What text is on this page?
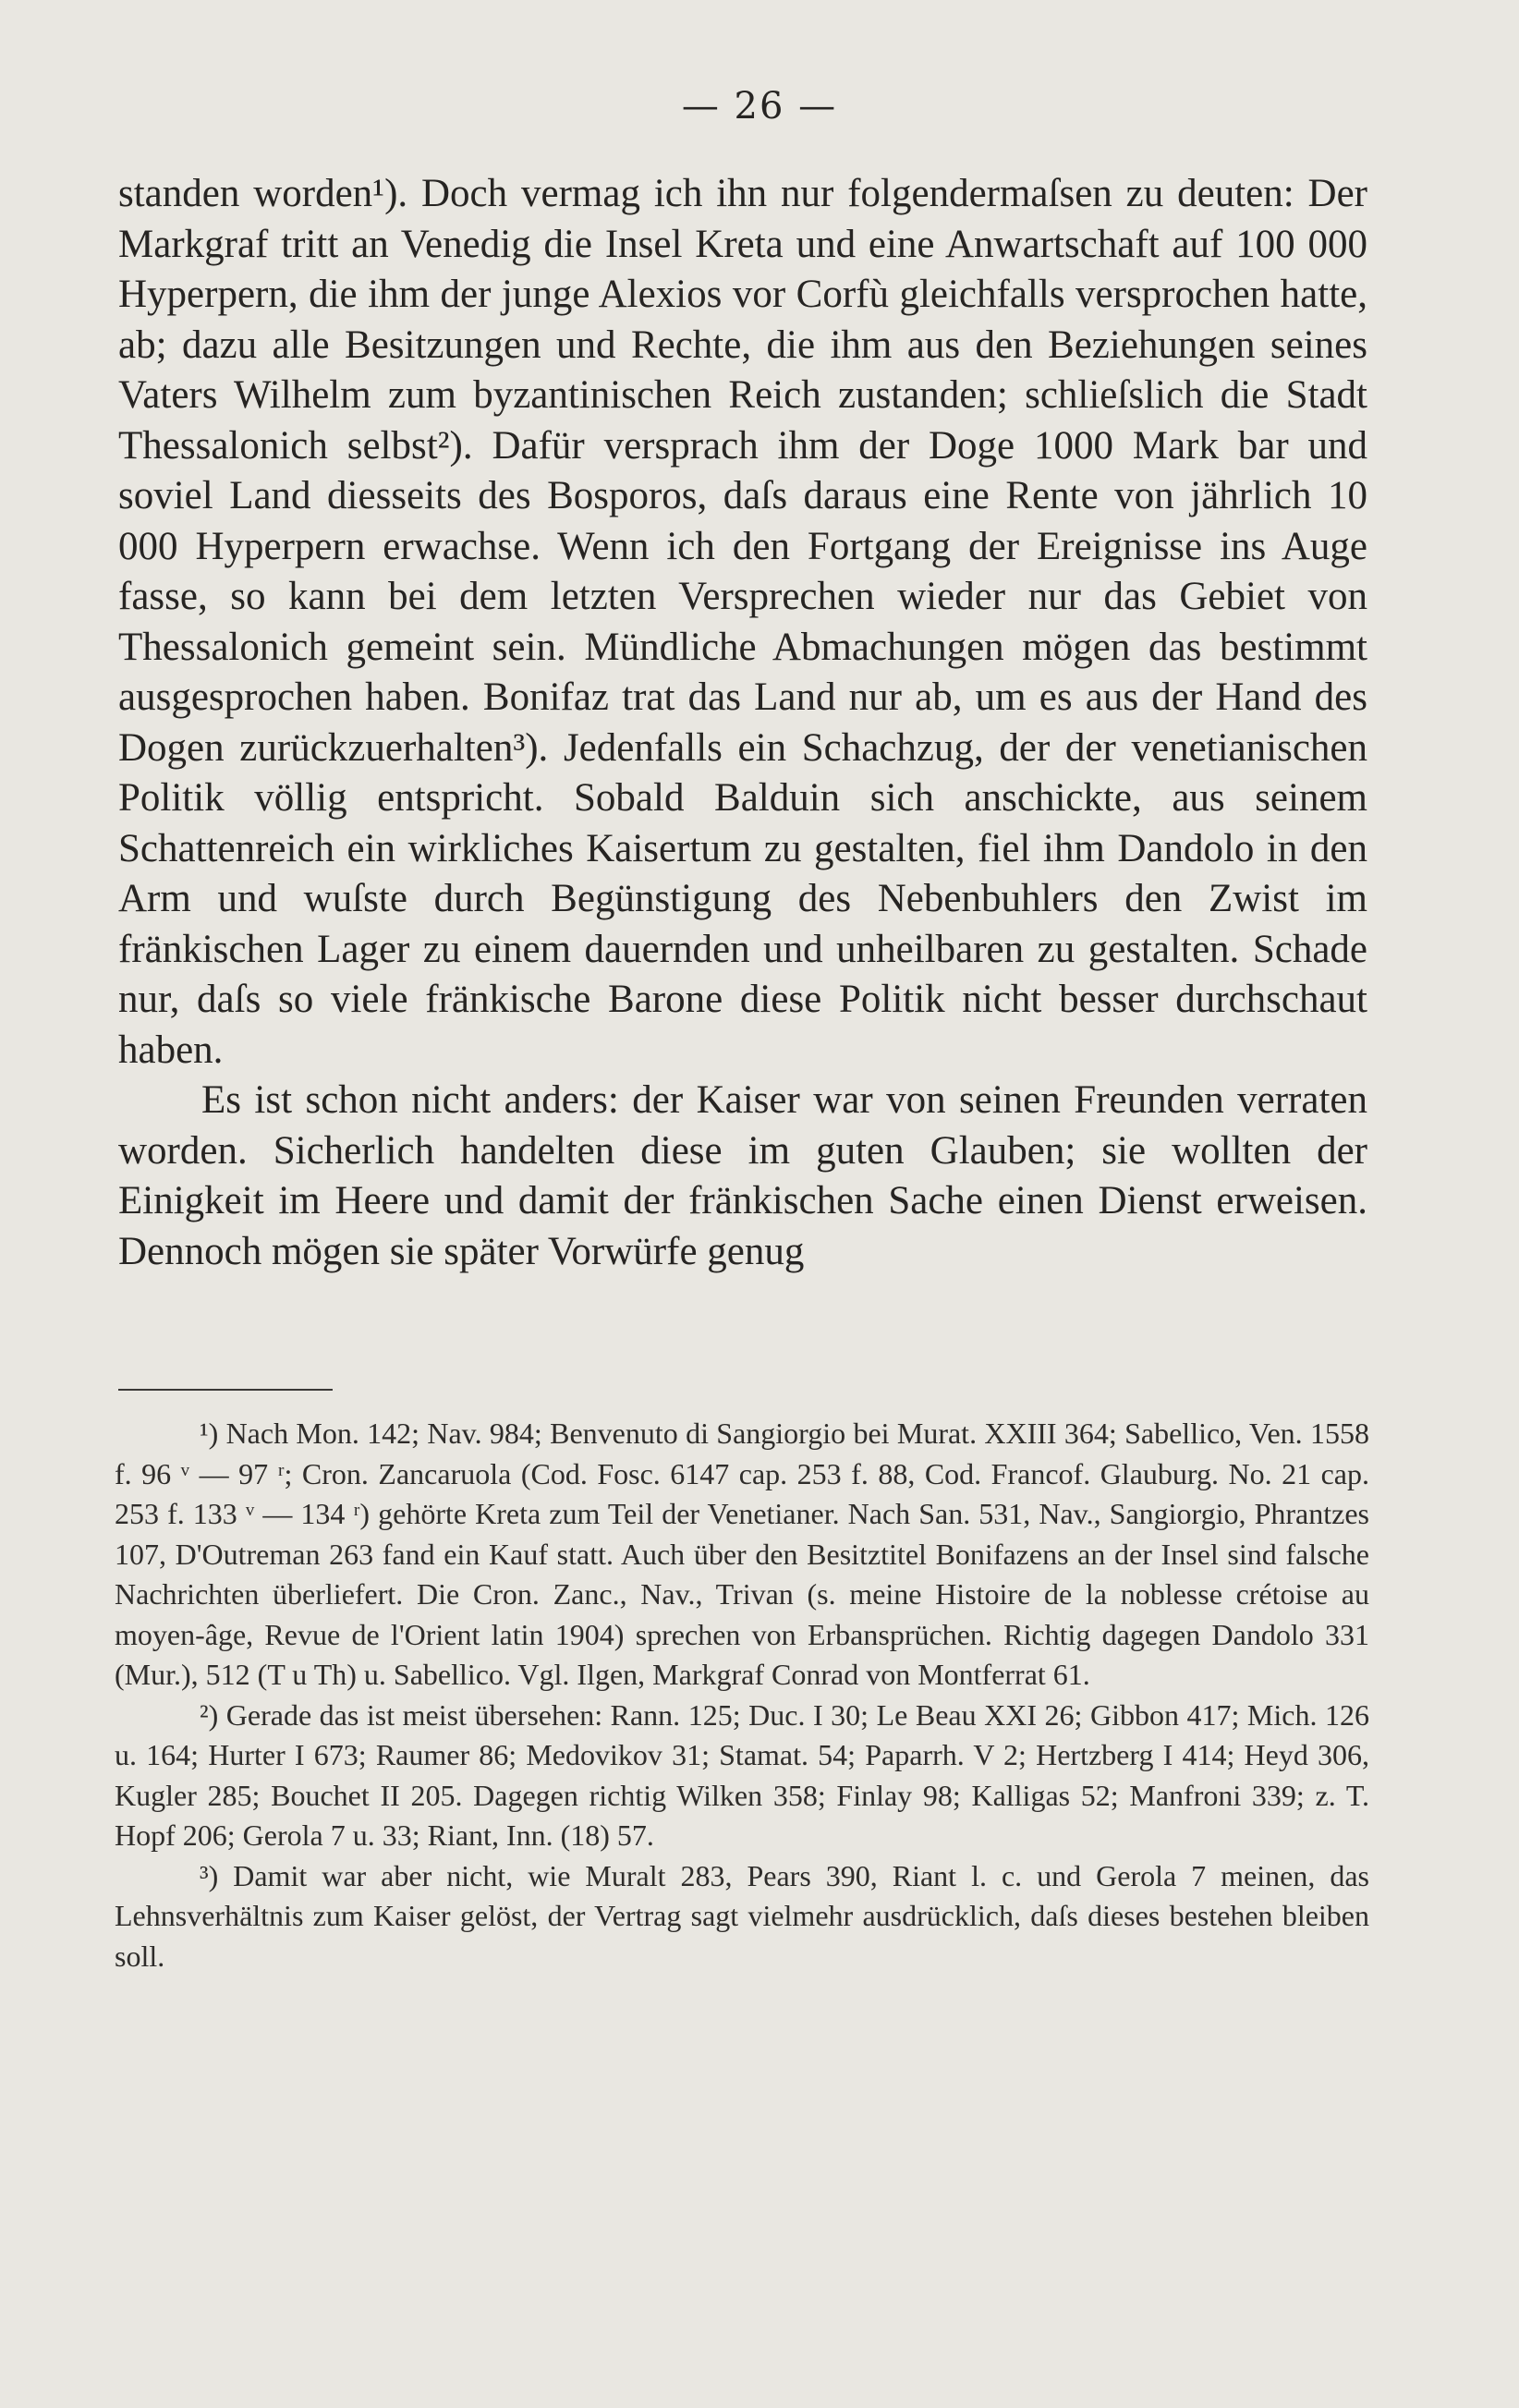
— 26 —

standen worden¹). Doch vermag ich ihn nur folgendermaſsen zu deuten: Der Markgraf tritt an Venedig die Insel Kreta und eine Anwartschaft auf 100 000 Hyperpern, die ihm der junge Alexios vor Corfù gleichfalls versprochen hatte, ab; dazu alle Besitzungen und Rechte, die ihm aus den Beziehungen seines Vaters Wilhelm zum byzantinischen Reich zustanden; schlieſslich die Stadt Thessalonich selbst²). Dafür versprach ihm der Doge 1000 Mark bar und soviel Land diesseits des Bosporos, daſs daraus eine Rente von jährlich 10 000 Hyperpern erwachse. Wenn ich den Fortgang der Ereignisse ins Auge fasse, so kann bei dem letzten Versprechen wieder nur das Gebiet von Thessalonich gemeint sein. Mündliche Abmachungen mögen das bestimmt ausgesprochen haben. Bonifaz trat das Land nur ab, um es aus der Hand des Dogen zurückzuerhalten³). Jedenfalls ein Schachzug, der der venetianischen Politik völlig entspricht. Sobald Balduin sich anschickte, aus seinem Schattenreich ein wirkliches Kaisertum zu gestalten, fiel ihm Dandolo in den Arm und wuſste durch Begünstigung des Nebenbuhlers den Zwist im fränkischen Lager zu einem dauernden und unheilbaren zu gestalten. Schade nur, daſs so viele fränkische Barone diese Politik nicht besser durchschaut haben.

Es ist schon nicht anders: der Kaiser war von seinen Freunden verraten worden. Sicherlich handelten diese im guten Glauben; sie wollten der Einigkeit im Heere und damit der fränkischen Sache einen Dienst erweisen. Dennoch mögen sie später Vorwürfe genug

¹) Nach Mon. 142; Nav. 984; Benvenuto di Sangiorgio bei Murat. XXIII 364; Sabellico, Ven. 1558 f. 96 ᵛ — 97 ʳ; Cron. Zancaruola (Cod. Fosc. 6147 cap. 253 f. 88, Cod. Francof. Glauburg. No. 21 cap. 253 f. 133 ᵛ — 134 ʳ) gehörte Kreta zum Teil der Venetianer. Nach San. 531, Nav., Sangiorgio, Phrantzes 107, D'Outreman 263 fand ein Kauf statt. Auch über den Besitztitel Bonifazens an der Insel sind falsche Nachrichten überliefert. Die Cron. Zanc., Nav., Trivan (s. meine Histoire de la noblesse crétoise au moyen-âge, Revue de l'Orient latin 1904) sprechen von Erbansprüchen. Richtig dagegen Dandolo 331 (Mur.), 512 (T u Th) u. Sabellico. Vgl. Ilgen, Markgraf Conrad von Montferrat 61.

²) Gerade das ist meist übersehen: Rann. 125; Duc. I 30; Le Beau XXI 26; Gibbon 417; Mich. 126 u. 164; Hurter I 673; Raumer 86; Medovikov 31; Stamat. 54; Paparrh. V 2; Hertzberg I 414; Heyd 306, Kugler 285; Bouchet II 205. Dagegen richtig Wilken 358; Finlay 98; Kalligas 52; Manfroni 339; z. T. Hopf 206; Gerola 7 u. 33; Riant, Inn. (18) 57.

³) Damit war aber nicht, wie Muralt 283, Pears 390, Riant l. c. und Gerola 7 meinen, das Lehnsverhältnis zum Kaiser gelöst, der Vertrag sagt vielmehr ausdrücklich, daſs dieses bestehen bleiben soll.
